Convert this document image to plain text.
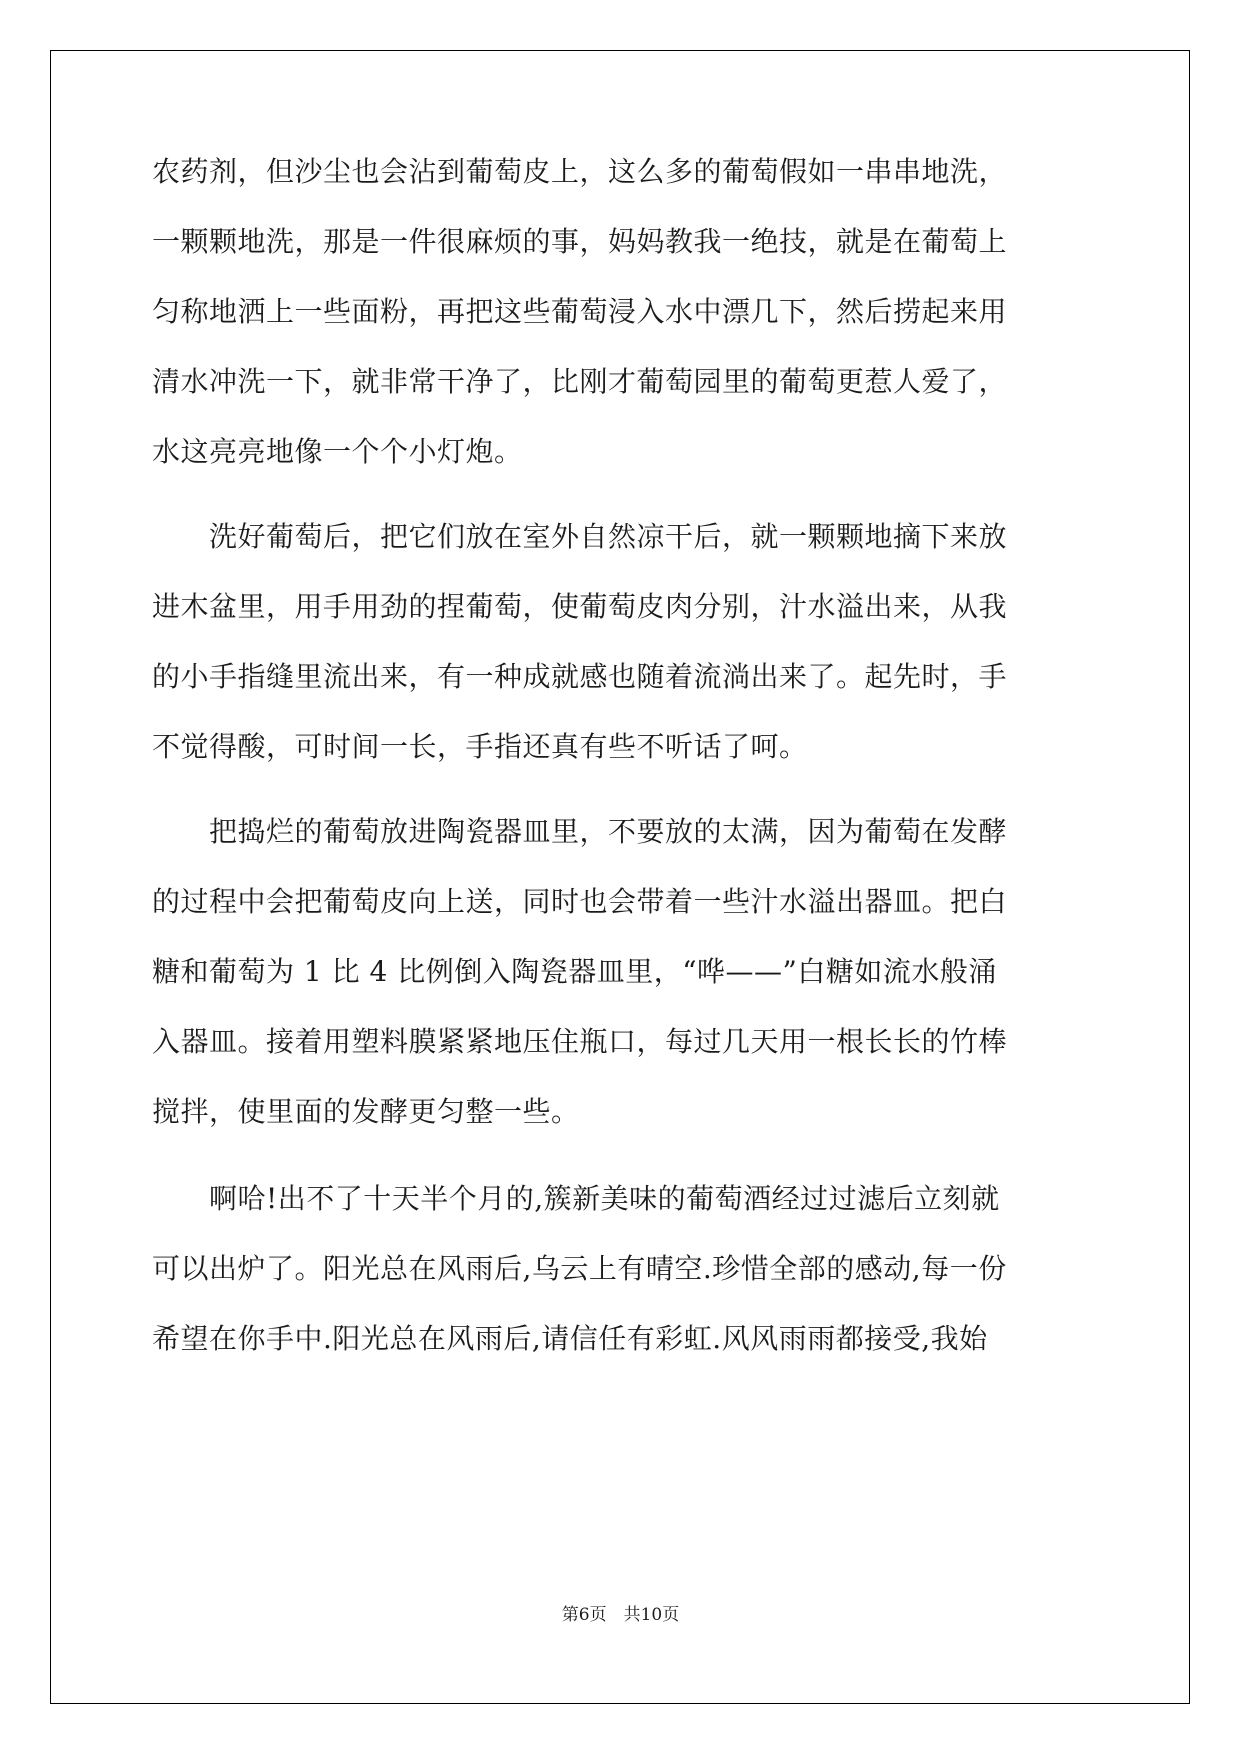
农药剂，但沙尘也会沾到葡萄皮上，这么多的葡萄假如一串串地洗，
一颗颗地洗，那是一件很麻烦的事，妈妈教我一绝技，就是在葡萄上
匀称地洒上一些面粉，再把这些葡萄浸入水中漂几下，然后捞起来用
清水冲洗一下，就非常干净了，比刚才葡萄园里的葡萄更惹人爱了，
水这亮亮地像一个个小灯炮。
　　洗好葡萄后，把它们放在室外自然凉干后，就一颗颗地摘下来放
进木盆里，用手用劲的捏葡萄，使葡萄皮肉分别，汁水溢出来，从我
的小手指缝里流出来，有一种成就感也随着流淌出来了。起先时，手
不觉得酸，可时间一长，手指还真有些不听话了呵。
　　把捣烂的葡萄放进陶瓷器皿里，不要放的太满，因为葡萄在发酵
的过程中会把葡萄皮向上送，同时也会带着一些汁水溢出器皿。把白
糖和葡萄为 1 比 4 比例倒入陶瓷器皿里，“哗——”白糖如流水般涌
入器皿。接着用塑料膜紧紧地压住瓶口，每过几天用一根长长的竹棒
搅拌，使里面的发酵更匀整一些。
　　啊哈!出不了十天半个月的,簇新美味的葡萄酒经过过滤后立刻就
可以出炉了。阳光总在风雨后,乌云上有晴空.珍惜全部的感动,每一份
希望在你手中.阳光总在风雨后,请信任有彩虹.风风雨雨都接受,我始
第6页　共10页
